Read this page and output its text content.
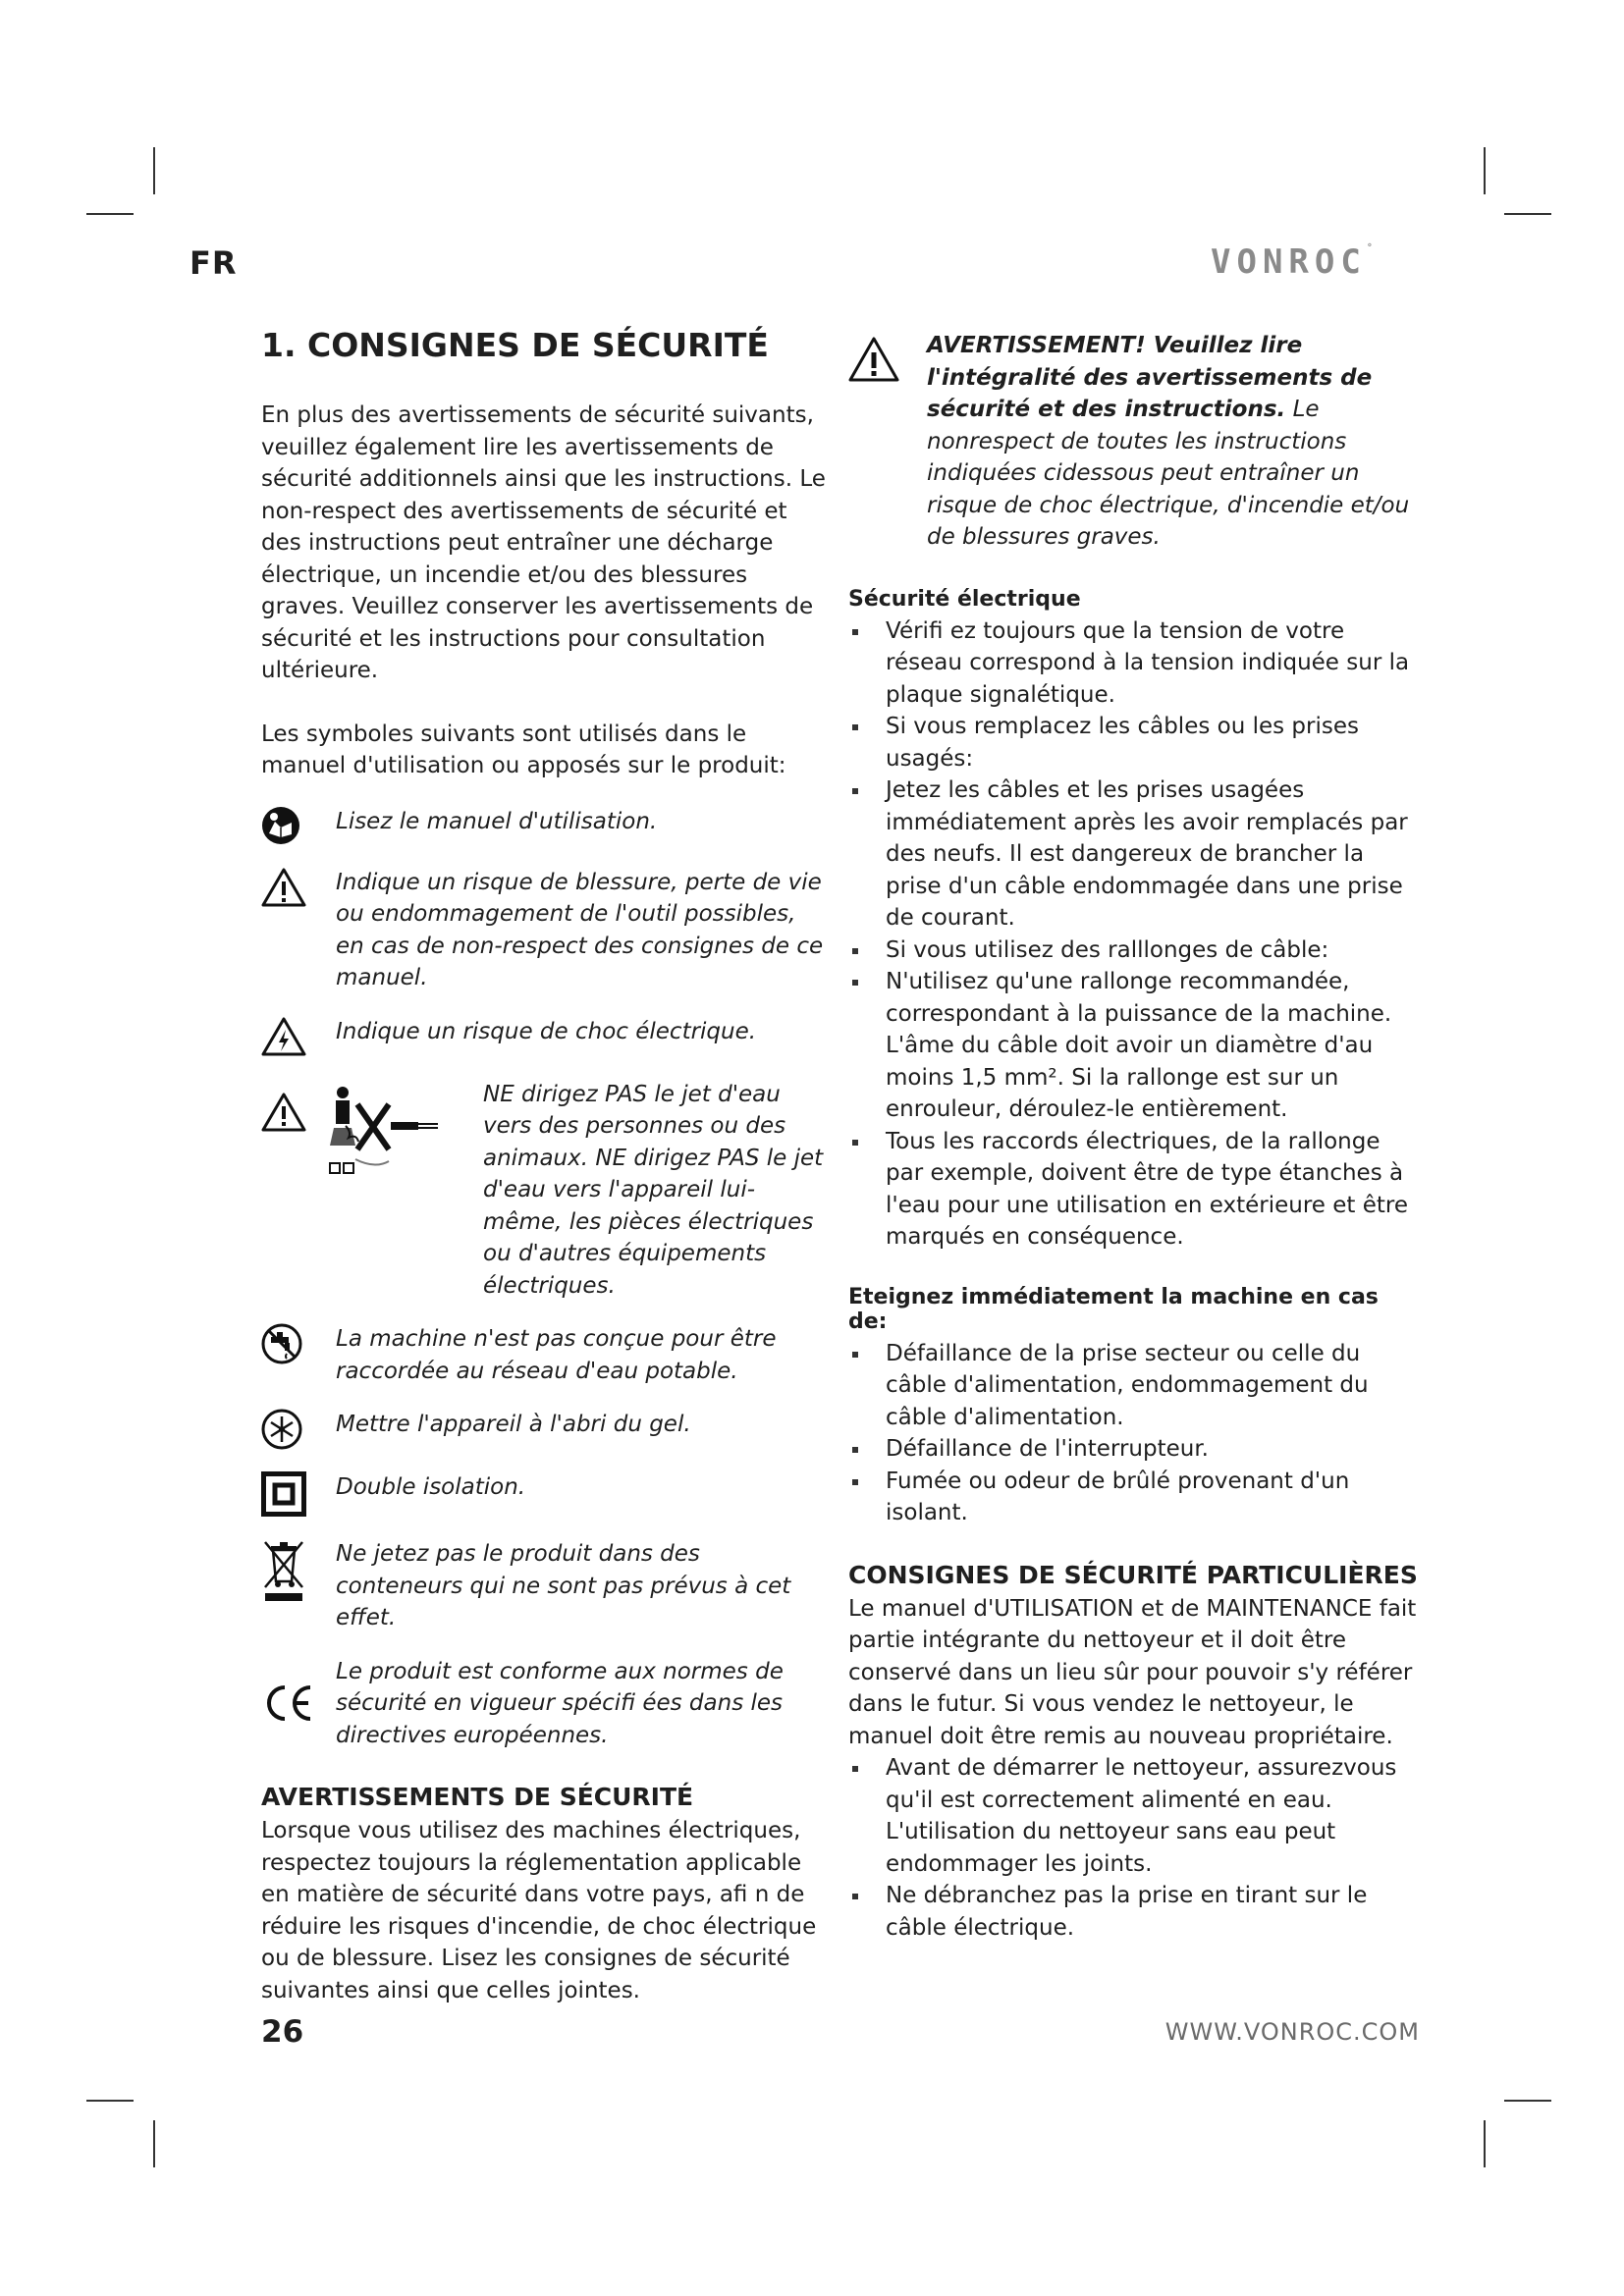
FR	VONROC°
1. CONSIGNES DE SÉCURITÉ

En plus des avertissements de sécurité suivants, veuillez également lire les avertissements de sécurité additionnels ainsi que les instructions. Le non-respect des avertissements de sécurité et des instructions peut entraîner une décharge électrique, un incendie et/ou des blessures graves. Veuillez conserver les avertissements de sécurité et les instructions pour consultation ultérieure.

Les symboles suivants sont utilisés dans le manuel d'utilisation ou apposés sur le produit:

Lisez le manuel d'utilisation.
Indique un risque de blessure, perte de vie ou endommagement de l'outil possibles, en cas de non-respect des consignes de ce manuel.
Indique un risque de choc électrique.
NE dirigez PAS le jet d'eau vers des personnes ou des animaux. NE dirigez PAS le jet d'eau vers l'appareil lui-même, les pièces électriques ou d'autres équipements électriques.
La machine n'est pas conçue pour être raccordée au réseau d'eau potable.
Mettre l'appareil à l'abri du gel.
Double isolation.
Ne jetez pas le produit dans des conteneurs qui ne sont pas prévus à cet effet.
Le produit est conforme aux normes de sécurité en vigueur spécifi ées dans les directives européennes.
AVERTISSEMENTS DE SÉCURITÉ

Lorsque vous utilisez des machines électriques, respectez toujours la réglementation applicable en matière de sécurité dans votre pays, afi n de réduire les risques d'incendie, de choc électrique ou de blessure. Lisez les consignes de sécurité suivantes ainsi que celles jointes.

AVERTISSEMENT! Veuillez lire l'intégralité des avertissements de sécurité et des instructions. Le nonrespect de toutes les instructions indiquées cidessous peut entraîner un risque de choc électrique, d'incendie et/ou de blessures graves.
Sécurité électrique
Vérifi ez toujours que la tension de votre réseau correspond à la tension indiquée sur la plaque signalétique.
Si vous remplacez les câbles ou les prises usagés:
Jetez les câbles et les prises usagées immédiatement après les avoir remplacés par des neufs. Il est dangereux de brancher la prise d'un câble endommagée dans une prise de courant.
Si vous utilisez des ralllonges de câble:
N'utilisez qu'une rallonge recommandée, correspondant à la puissance de la machine. L'âme du câble doit avoir un diamètre d'au moins 1,5 mm². Si la rallonge est sur un enrouleur, déroulez-le entièrement.
Tous les raccords électriques, de la rallonge par exemple, doivent être de type étanches à l'eau pour une utilisation en extérieure et être marqués en conséquence.
Eteignez immédiatement la machine en cas de:
Défaillance de la prise secteur ou celle du câble d'alimentation, endommagement du câble d'alimentation.
Défaillance de l'interrupteur.
Fumée ou odeur de brûlé provenant d'un isolant.
CONSIGNES DE SÉCURITÉ PARTICULIÈRES

Le manuel d'UTILISATION et de MAINTENANCE fait partie intégrante du nettoyeur et il doit être conservé dans un lieu sûr pour pouvoir s'y référer dans le futur. Si vous vendez le nettoyeur, le manuel doit être remis au nouveau propriétaire.

Avant de démarrer le nettoyeur, assurezvous qu'il est correctement alimenté en eau. L'utilisation du nettoyeur sans eau peut endommager les joints.
Ne débranchez pas la prise en tirant sur le câble électrique.
26	WWW.VONROC.COM
